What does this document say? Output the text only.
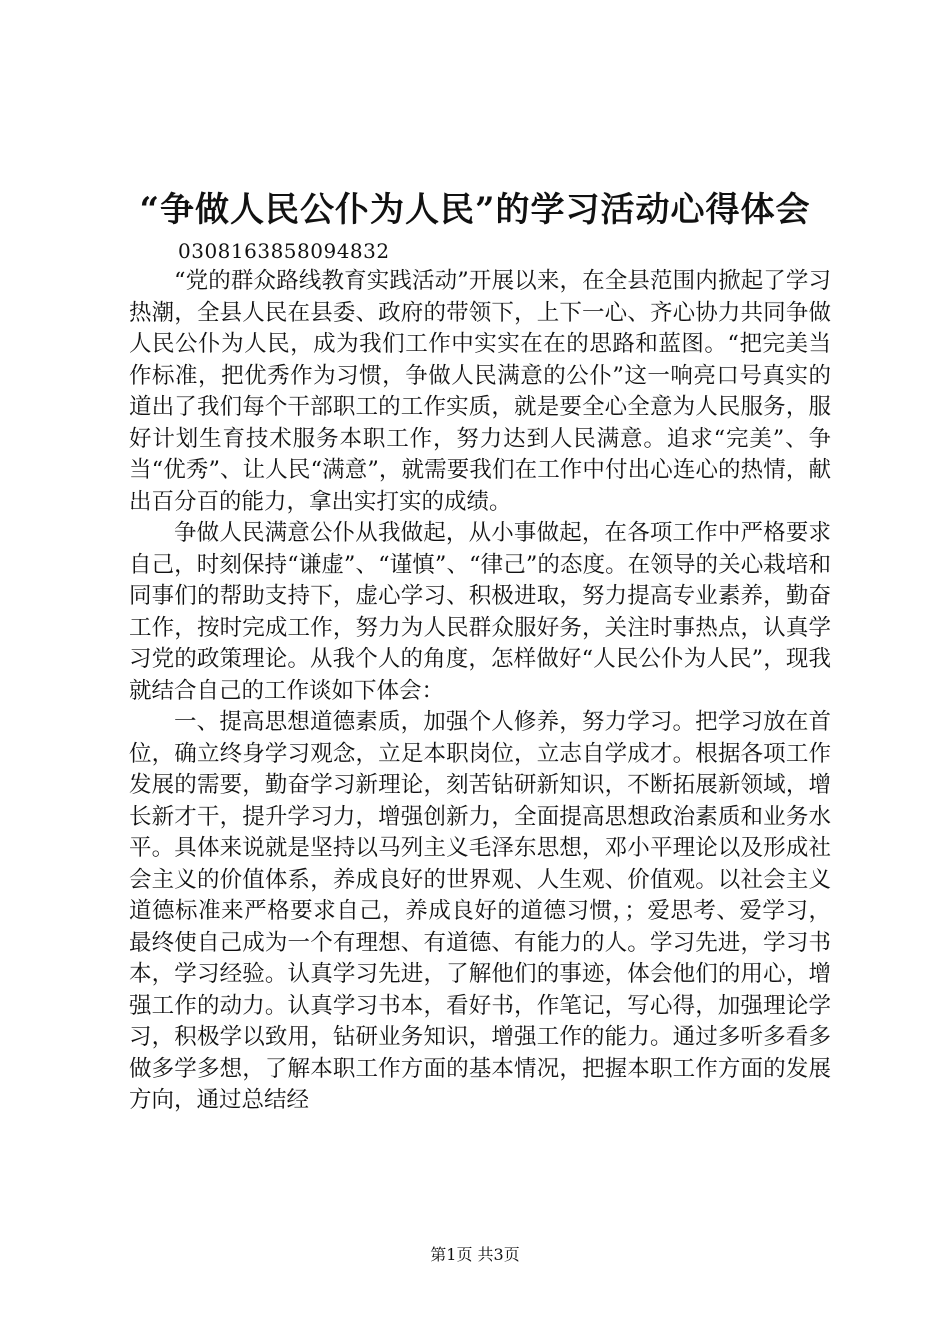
“争做人民公仆为人民”的学习活动心得体会
0308163858094832

“党的群众路线教育实践活动”开展以来，在全县范围内掀起了学习热潮，全县人民在县委、政府的带领下，上下一心、齐心协力共同争做人民公仆为人民，成为我们工作中实实在在的思路和蓝图。“把完美当作标准，把优秀作为习惯，争做人民满意的公仆”这一响亮口号真实的道出了我们每个干部职工的工作实质，就是要全心全意为人民服务，服好计划生育技术服务本职工作，努力达到人民满意。追求“完美”、争当“优秀”、让人民“满意”，就需要我们在工作中付出心连心的热情，献出百分百的能力，拿出实打实的成绩。

争做人民满意公仆从我做起，从小事做起，在各项工作中严格要求自己，时刻保持“谦虚”、“谨慎”、“律己”的态度。在领导的关心栽培和同事们的帮助支持下，虚心学习、积极进取，努力提高专业素养，勤奋工作，按时完成工作，努力为人民群众服好务，关注时事热点，认真学习党的政策理论。从我个人的角度，怎样做好“人民公仆为人民”，现我就结合自己的工作谈如下体会：

一、提高思想道德素质，加强个人修养，努力学习。把学习放在首位，确立终身学习观念，立足本职岗位，立志自学成才。根据各项工作发展的需要，勤奋学习新理论，刻苦钻研新知识，不断拓展新领域，增长新才干，提升学习力，增强创新力，全面提高思想政治素质和业务水平。具体来说就是坚持以马列主义毛泽东思想，邓小平理论以及形成社会主义的价值体系，养成良好的世界观、人生观、价值观。以社会主义道德标准来严格要求自己，养成良好的道德习惯，；爱思考、爱学习，最终使自己成为一个有理想、有道德、有能力的人。学习先进，学习书本，学习经验。认真学习先进，了解他们的事迹，体会他们的用心，增强工作的动力。认真学习书本，看好书，作笔记，写心得，加强理论学习，积极学以致用，钻研业务知识，增强工作的能力。通过多听多看多做多学多想，了解本职工作方面的基本情况，把握本职工作方面的发展方向，通过总结经

第1页 共3页
